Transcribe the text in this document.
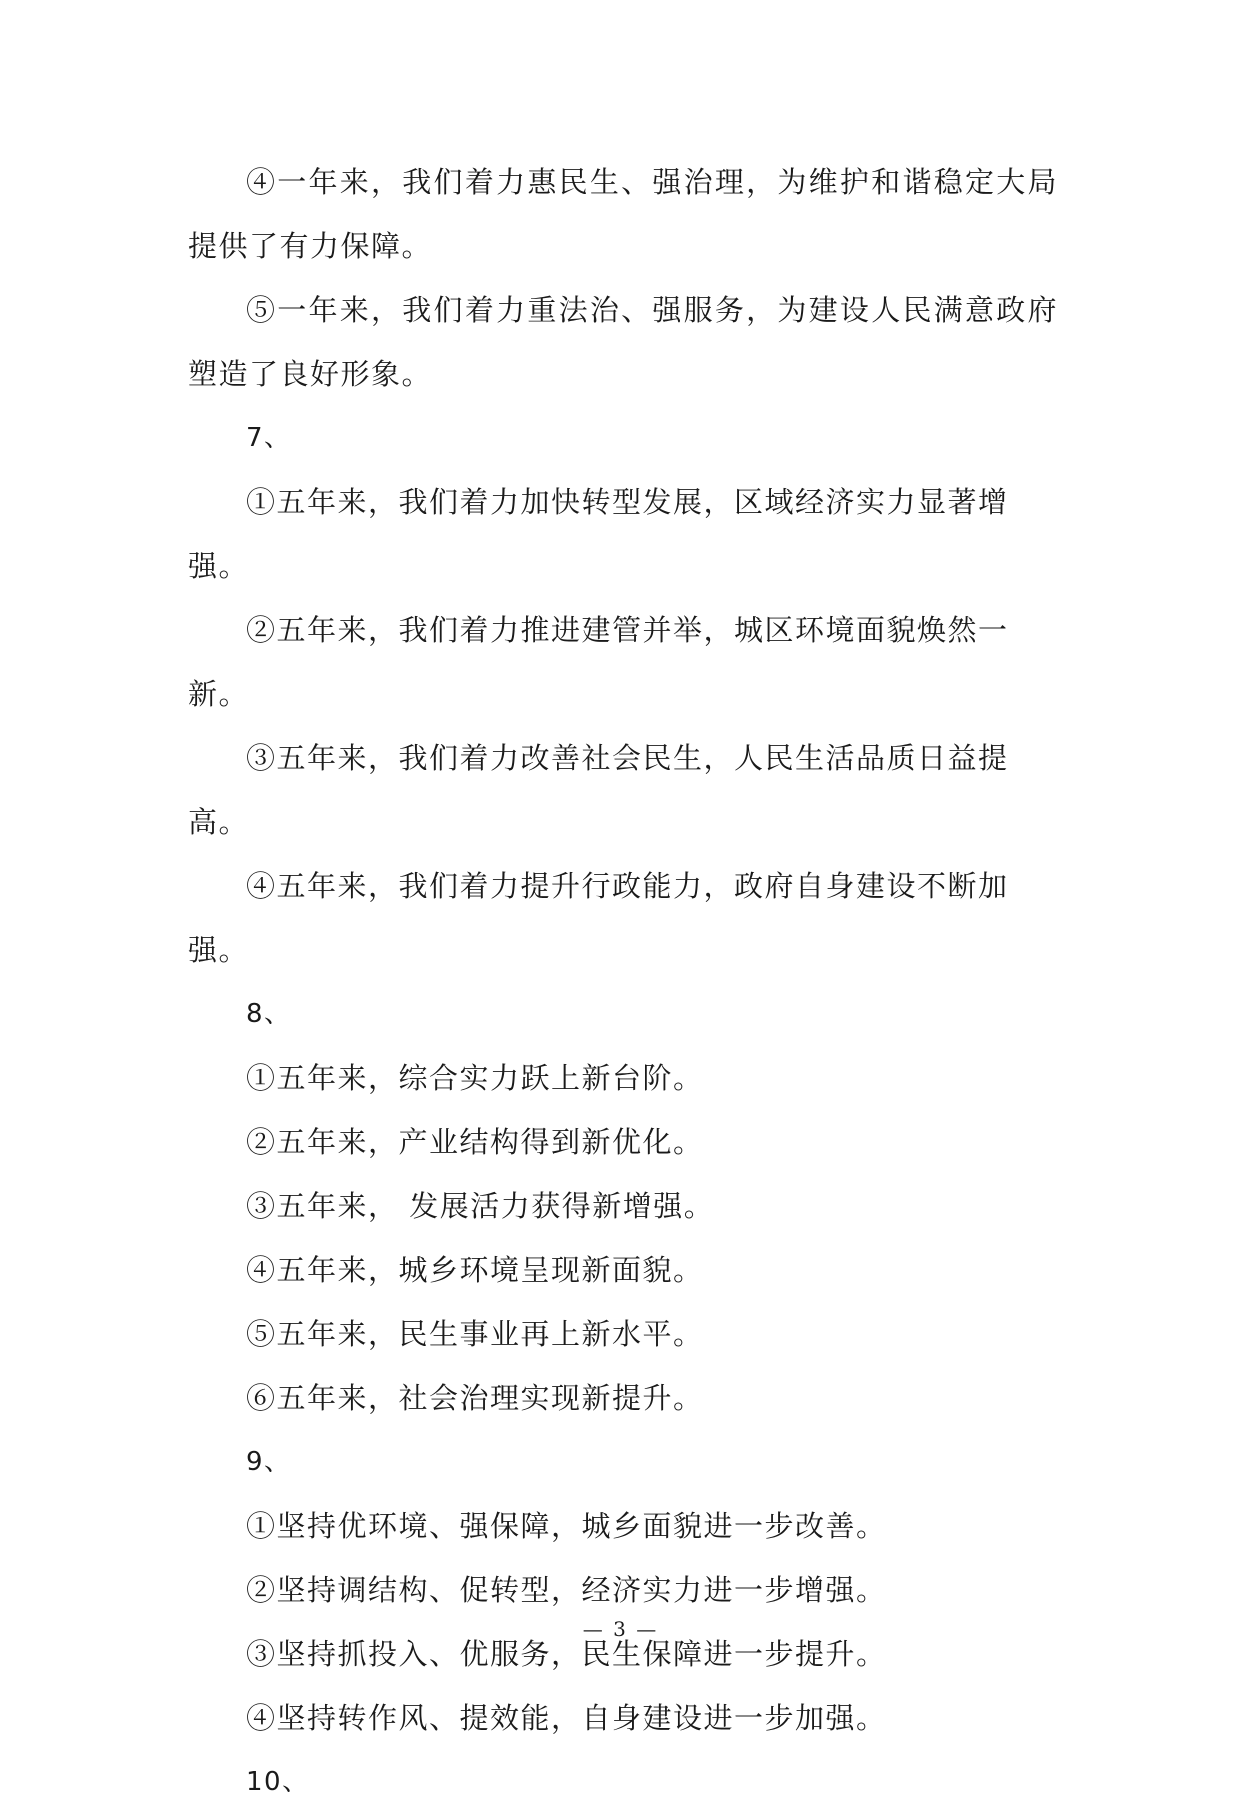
④一年来，我们着力惠民生、强治理，为维护和谐稳定大局提供了有力保障。

⑤一年来，我们着力重法治、强服务，为建设人民满意政府塑造了良好形象。

7、

①五年来，我们着力加快转型发展，区域经济实力显著增强。

②五年来，我们着力推进建管并举，城区环境面貌焕然一新。

③五年来，我们着力改善社会民生，人民生活品质日益提高。

④五年来，我们着力提升行政能力，政府自身建设不断加强。

8、

①五年来，综合实力跃上新台阶。

②五年来，产业结构得到新优化。

③五年来， 发展活力获得新增强。

④五年来，城乡环境呈现新面貌。

⑤五年来，民生事业再上新水平。

⑥五年来，社会治理实现新提升。

9、

①坚持优环境、强保障，城乡面貌进一步改善。

②坚持调结构、促转型，经济实力进一步增强。

③坚持抓投入、优服务，民生保障进一步提升。

④坚持转作风、提效能，自身建设进一步加强。

10、

— 3 —
